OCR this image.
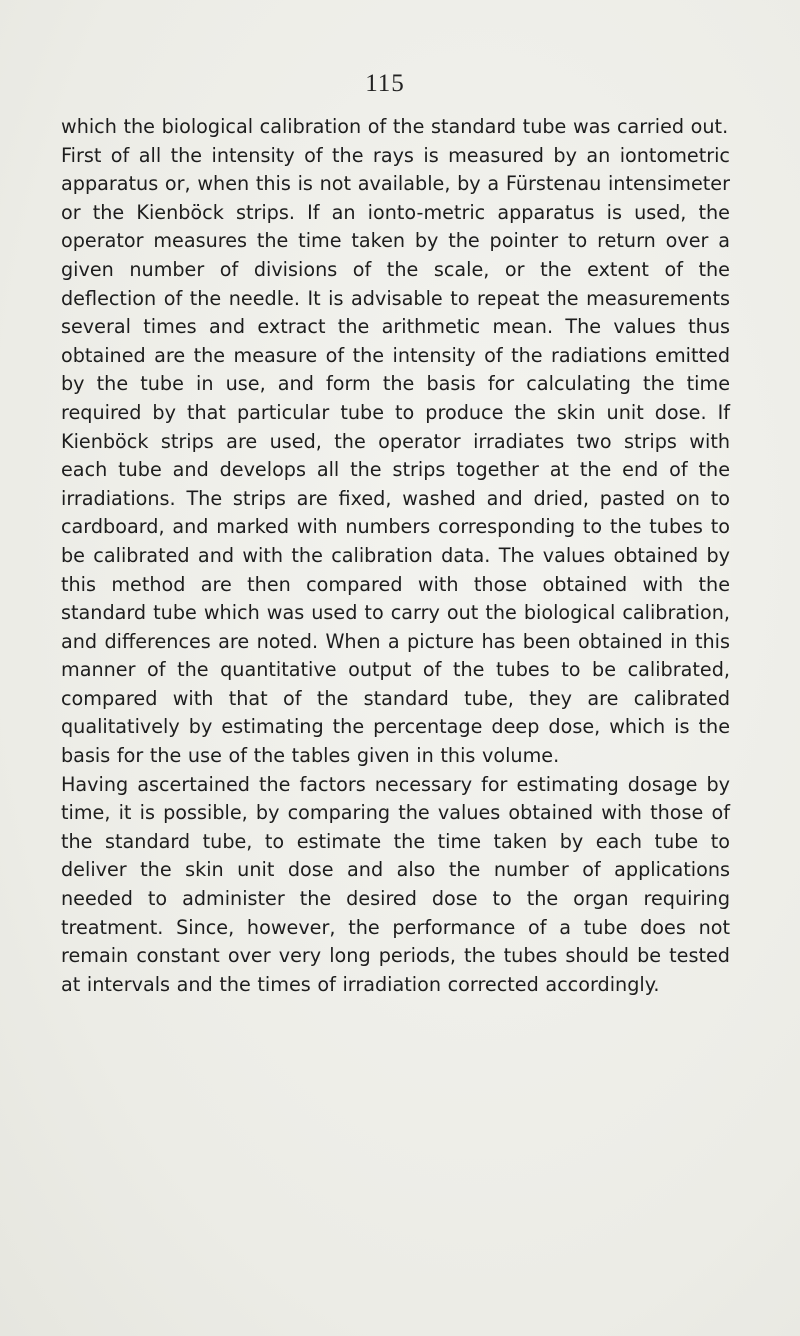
115

which the biological calibration of the standard tube was carried out.

First of all the intensity of the rays is measured by an iontometric apparatus or, when this is not available, by a Fürstenau intensimeter or the Kienböck strips. If an ionto-metric apparatus is used, the operator measures the time taken by the pointer to return over a given number of divisions of the scale, or the extent of the deflection of the needle. It is advisable to repeat the measurements several times and extract the arithmetic mean. The values thus obtained are the measure of the intensity of the radiations emitted by the tube in use, and form the basis for calculating the time required by that particular tube to produce the skin unit dose. If Kienböck strips are used, the operator irradiates two strips with each tube and develops all the strips together at the end of the irradiations. The strips are fixed, washed and dried, pasted on to cardboard, and marked with numbers corresponding to the tubes to be calibrated and with the calibration data. The values obtained by this method are then compared with those obtained with the standard tube which was used to carry out the biological calibration, and differences are noted. When a picture has been obtained in this manner of the quantitative output of the tubes to be calibrated, compared with that of the standard tube, they are calibrated qualitatively by estimating the percentage deep dose, which is the basis for the use of the tables given in this volume.

Having ascertained the factors necessary for estimating dosage by time, it is possible, by comparing the values obtained with those of the standard tube, to estimate the time taken by each tube to deliver the skin unit dose and also the number of applications needed to administer the desired dose to the organ requiring treatment. Since, however, the performance of a tube does not remain constant over very long periods, the tubes should be tested at intervals and the times of irradiation corrected accordingly.
